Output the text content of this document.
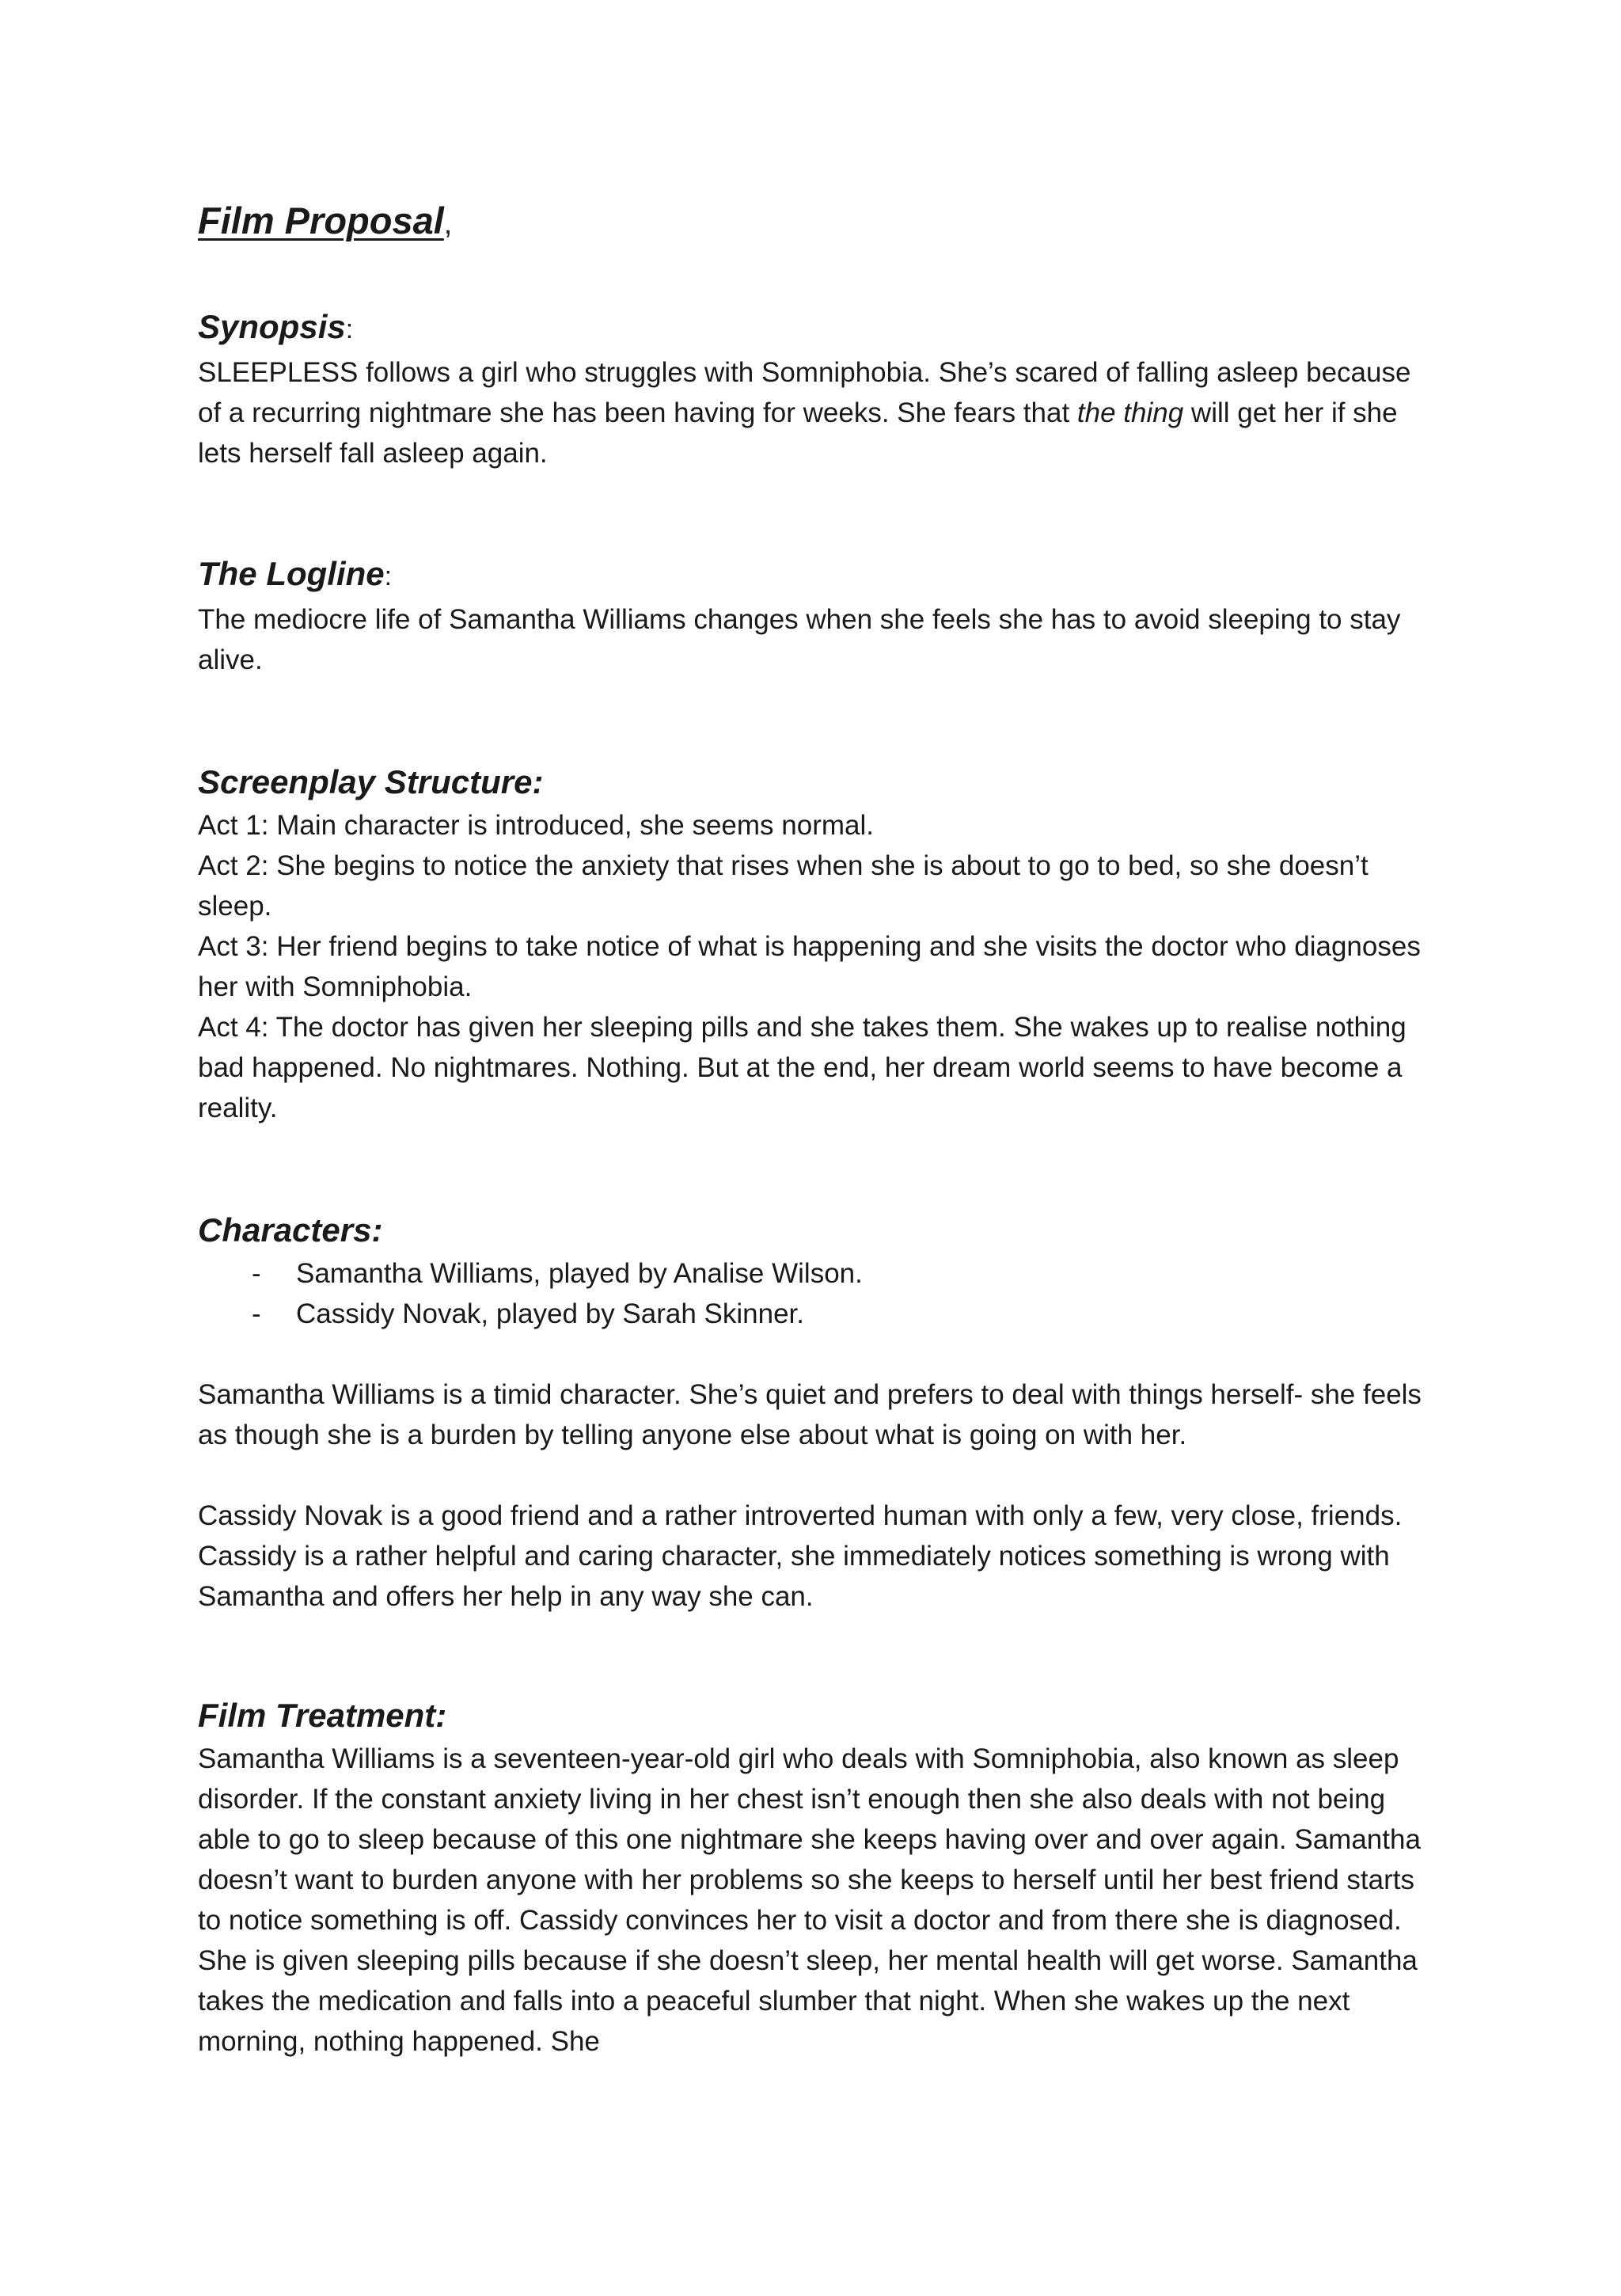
Film Proposal,
Synopsis:

SLEEPLESS follows a girl who struggles with Somniphobia. She’s scared of falling asleep because of a recurring nightmare she has been having for weeks. She fears that the thing will get her if she lets herself fall asleep again.

The Logline:

The mediocre life of Samantha Williams changes when she feels she has to avoid sleeping to stay alive.

Screenplay Structure:

Act 1: Main character is introduced, she seems normal.

Act 2: She begins to notice the anxiety that rises when she is about to go to bed, so she doesn’t sleep.

Act 3: Her friend begins to take notice of what is happening and she visits the doctor who diagnoses her with Somniphobia.

Act 4: The doctor has given her sleeping pills and she takes them. She wakes up to realise nothing bad happened. No nightmares. Nothing. But at the end, her dream world seems to have become a reality.

Characters:
- Samantha Williams, played by Analise Wilson.
- Cassidy Novak, played by Sarah Skinner.

Samantha Williams is a timid character. She’s quiet and prefers to deal with things herself- she feels as though she is a burden by telling anyone else about what is going on with her.

Cassidy Novak is a good friend and a rather introverted human with only a few, very close, friends. Cassidy is a rather helpful and caring character, she immediately notices something is wrong with Samantha and offers her help in any way she can.

Film Treatment:

Samantha Williams is a seventeen-year-old girl who deals with Somniphobia, also known as sleep disorder. If the constant anxiety living in her chest isn’t enough then she also deals with not being able to go to sleep because of this one nightmare she keeps having over and over again. Samantha doesn’t want to burden anyone with her problems so she keeps to herself until her best friend starts to notice something is off. Cassidy convinces her to visit a doctor and from there she is diagnosed. She is given sleeping pills because if she doesn’t sleep, her mental health will get worse. Samantha takes the medication and falls into a peaceful slumber that night. When she wakes up the next morning, nothing happened. She
